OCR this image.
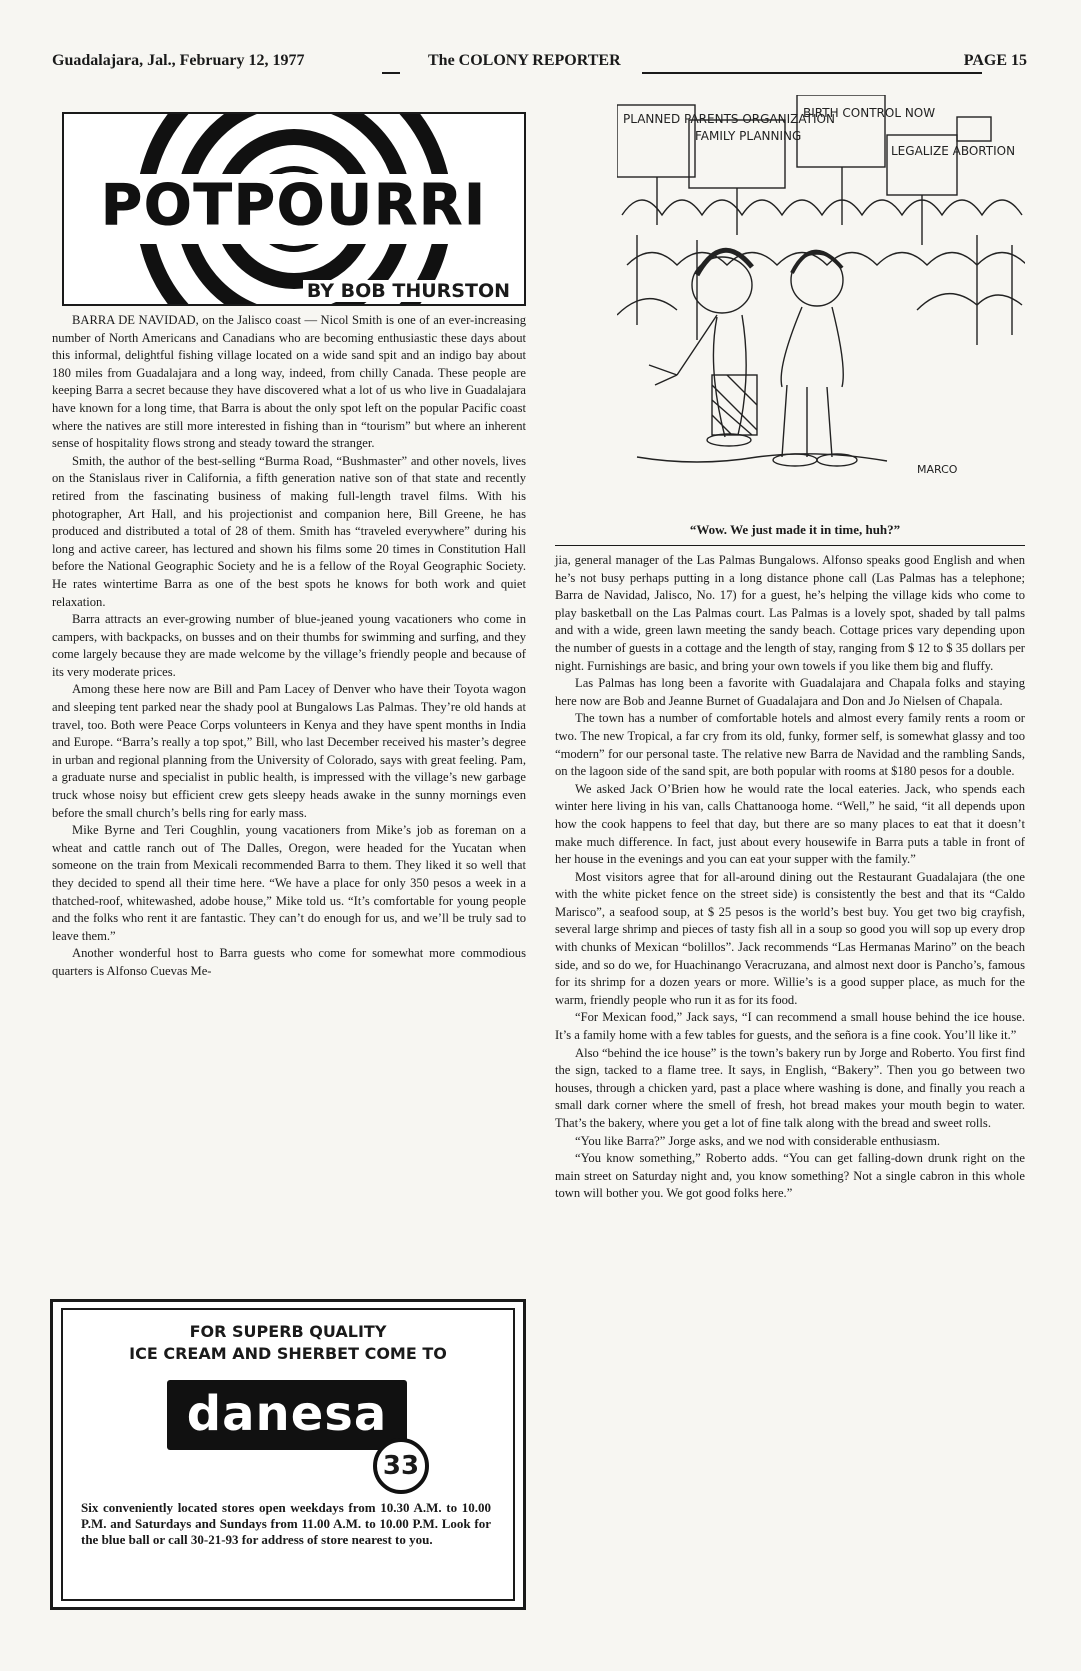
Guadalajara, Jal., February 12, 1977	The COLONY REPORTER	PAGE 15
POTPOURRI
BY BOB THURSTON

BARRA DE NAVIDAD, on the Jalisco coast — Nicol Smith is one of an ever-increasing number of North Americans and Canadians who are becoming enthusiastic these days about this informal, delightful fishing village located on a wide sand spit and an indigo bay about 180 miles from Guadalajara and a long way, indeed, from chilly Canada. These people are keeping Barra a secret because they have discovered what a lot of us who live in Guadalajara have known for a long time, that Barra is about the only spot left on the popular Pacific coast where the natives are still more interested in fishing than in “tourism” but where an inherent sense of hospitality flows strong and steady toward the stranger.

Smith, the author of the best-selling “Burma Road, “Bushmaster” and other novels, lives on the Stanislaus river in California, a fifth generation native son of that state and recently retired from the fascinating business of making full-length travel films. With his photographer, Art Hall, and his projectionist and companion here, Bill Greene, he has produced and distributed a total of 28 of them. Smith has “traveled everywhere” during his long and active career, has lectured and shown his films some 20 times in Constitution Hall before the National Geographic Society and he is a fellow of the Royal Geographic Society. He rates wintertime Barra as one of the best spots he knows for both work and quiet relaxation.

Barra attracts an ever-growing number of blue-jeaned young vacationers who come in campers, with backpacks, on busses and on their thumbs for swimming and surfing, and they come largely because they are made welcome by the village’s friendly people and because of its very moderate prices.

Among these here now are Bill and Pam Lacey of Denver who have their Toyota wagon and sleeping tent parked near the shady pool at Bungalows Las Palmas. They’re old hands at travel, too. Both were Peace Corps volunteers in Kenya and they have spent months in India and Europe. “Barra’s really a top spot,” Bill, who last December received his master’s degree in urban and regional planning from the University of Colorado, says with great feeling. Pam, a graduate nurse and specialist in public health, is impressed with the village’s new garbage truck whose noisy but efficient crew gets sleepy heads awake in the sunny mornings even before the small church’s bells ring for early mass.

Mike Byrne and Teri Coughlin, young vacationers from Mike’s job as foreman on a wheat and cattle ranch out of The Dalles, Oregon, were headed for the Yucatan when someone on the train from Mexicali recommended Barra to them. They liked it so well that they decided to spend all their time here. “We have a place for only 350 pesos a week in a thatched-roof, whitewashed, adobe house,” Mike told us. “It’s comfortable for young people and the folks who rent it are fantastic. They can’t do enough for us, and we’ll be truly sad to leave them.”

Another wonderful host to Barra guests who come for somewhat more commodious quarters is Alfonso Cuevas Me-

PLANNED PARENTS ORGANIZATION
FAMILY PLANNING
BIRTH CONTROL NOW
LEGALIZE ABORTION
MARCO
“Wow. We just made it in time, huh?”

jia, general manager of the Las Palmas Bungalows. Alfonso speaks good English and when he’s not busy perhaps putting in a long distance phone call (Las Palmas has a telephone; Barra de Navidad, Jalisco, No. 17) for a guest, he’s helping the village kids who come to play basketball on the Las Palmas court. Las Palmas is a lovely spot, shaded by tall palms and with a wide, green lawn meeting the sandy beach. Cottage prices vary depending upon the number of guests in a cottage and the length of stay, ranging from $ 12 to $ 35 dollars per night. Furnishings are basic, and bring your own towels if you like them big and fluffy.

Las Palmas has long been a favorite with Guadalajara and Chapala folks and staying here now are Bob and Jeanne Burnet of Guadalajara and Don and Jo Nielsen of Chapala.

The town has a number of comfortable hotels and almost every family rents a room or two. The new Tropical, a far cry from its old, funky, former self, is somewhat glassy and too “modern” for our personal taste. The relative new Barra de Navidad and the rambling Sands, on the lagoon side of the sand spit, are both popular with rooms at $180 pesos for a double.

We asked Jack O’Brien how he would rate the local eateries. Jack, who spends each winter here living in his van, calls Chattanooga home. “Well,” he said, “it all depends upon how the cook happens to feel that day, but there are so many places to eat that it doesn’t make much difference. In fact, just about every housewife in Barra puts a table in front of her house in the evenings and you can eat your supper with the family.”

Most visitors agree that for all-around dining out the Restaurant Guadalajara (the one with the white picket fence on the street side) is consistently the best and that its “Caldo Marisco”, a seafood soup, at $ 25 pesos is the world’s best buy. You get two big crayfish, several large shrimp and pieces of tasty fish all in a soup so good you will sop up every drop with chunks of Mexican “bolillos”. Jack recommends “Las Hermanas Marino” on the beach side, and so do we, for Huachinango Veracruzana, and almost next door is Pancho’s, famous for its shrimp for a dozen years or more. Willie’s is a good supper place, as much for the warm, friendly people who run it as for its food.

“For Mexican food,” Jack says, “I can recommend a small house behind the ice house. It’s a family home with a few tables for guests, and the señora is a fine cook. You’ll like it.”

Also “behind the ice house” is the town’s bakery run by Jorge and Roberto. You first find the sign, tacked to a flame tree. It says, in English, “Bakery”. Then you go between two houses, through a chicken yard, past a place where washing is done, and finally you reach a small dark corner where the smell of fresh, hot bread makes your mouth begin to water. That’s the bakery, where you get a lot of fine talk along with the bread and sweet rolls.

“You like Barra?” Jorge asks, and we nod with considerable enthusiasm.

“You know something,” Roberto adds. “You can get falling-down drunk right on the main street on Saturday night and, you know something? Not a single cabron in this whole town will bother you. We got good folks here.”

FOR SUPERB QUALITY
ICE CREAM AND SHERBET COME TO
danesa
33
Six conveniently located stores open weekdays from 10.30 A.M. to 10.00 P.M. and Saturdays and Sundays from 11.00 A.M. to 10.00 P.M. Look for the blue ball or call 30-21-93 for address of store nearest to you.
